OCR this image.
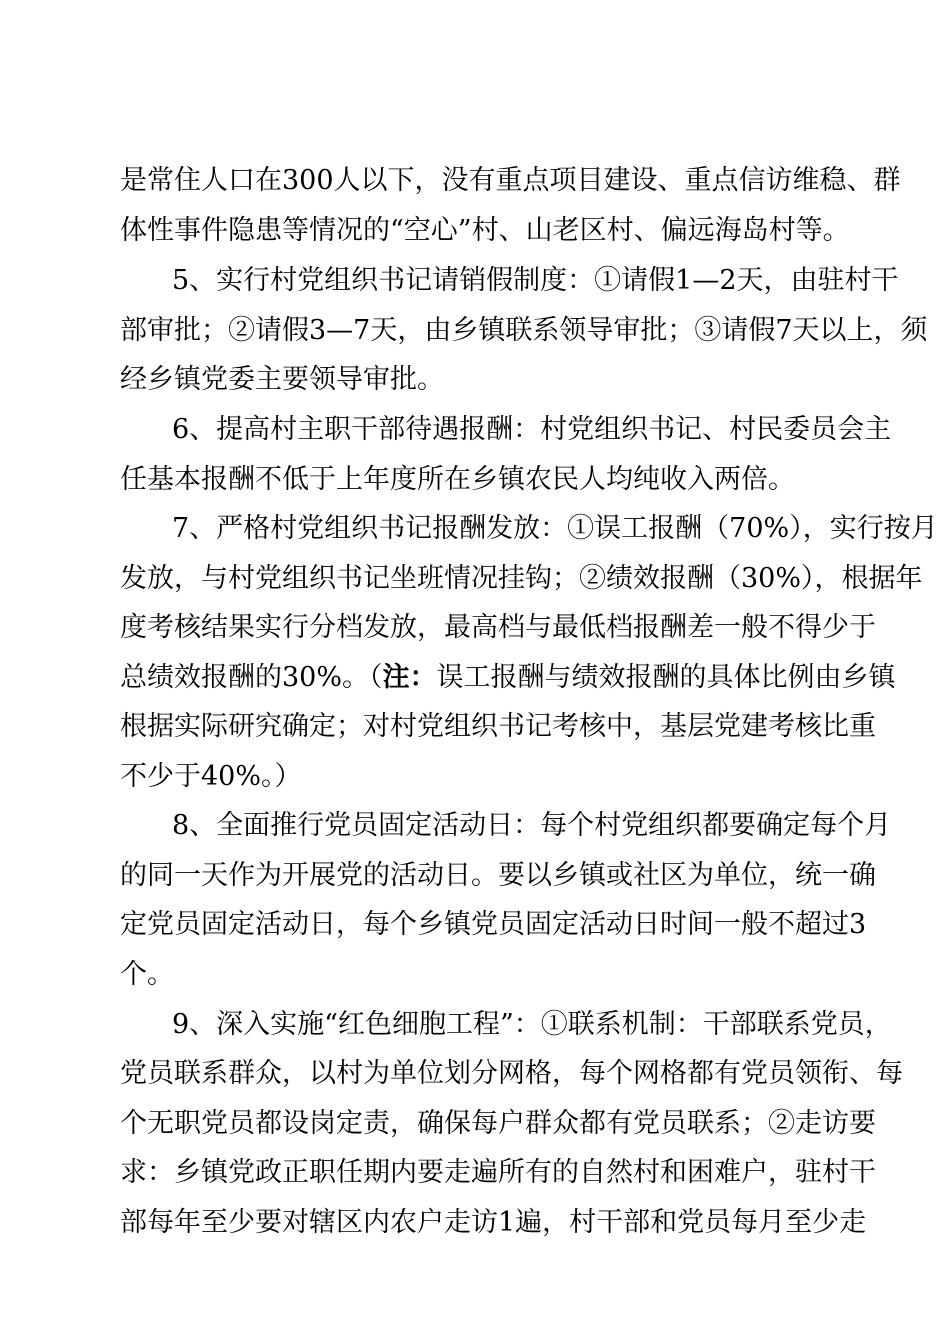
是常住人口在300人以下，没有重点项目建设、重点信访维稳、群
体性事件隐患等情况的“空心”村、山老区村、偏远海岛村等。
5、实行村党组织书记请销假制度：①请假1—2天，由驻村干
部审批；②请假3—7天，由乡镇联系领导审批；③请假7天以上，须
经乡镇党委主要领导审批。
6、提高村主职干部待遇报酬：村党组织书记、村民委员会主
任基本报酬不低于上年度所在乡镇农民人均纯收入两倍。
7、严格村党组织书记报酬发放：①误工报酬（70%），实行按月
发放，与村党组织书记坐班情况挂钩；②绩效报酬（30%），根据年
度考核结果实行分档发放，最高档与最低档报酬差一般不得少于
总绩效报酬的30%。（注：误工报酬与绩效报酬的具体比例由乡镇
根据实际研究确定；对村党组织书记考核中，基层党建考核比重
不少于40%。）
8、全面推行党员固定活动日：每个村党组织都要确定每个月
的同一天作为开展党的活动日。要以乡镇或社区为单位，统一确
定党员固定活动日，每个乡镇党员固定活动日时间一般不超过3
个。
9、深入实施“红色细胞工程”：①联系机制：干部联系党员，
党员联系群众，以村为单位划分网格，每个网格都有党员领衔、每
个无职党员都设岗定责，确保每户群众都有党员联系；②走访要
求：乡镇党政正职任期内要走遍所有的自然村和困难户，驻村干
部每年至少要对辖区内农户走访1遍，村干部和党员每月至少走
